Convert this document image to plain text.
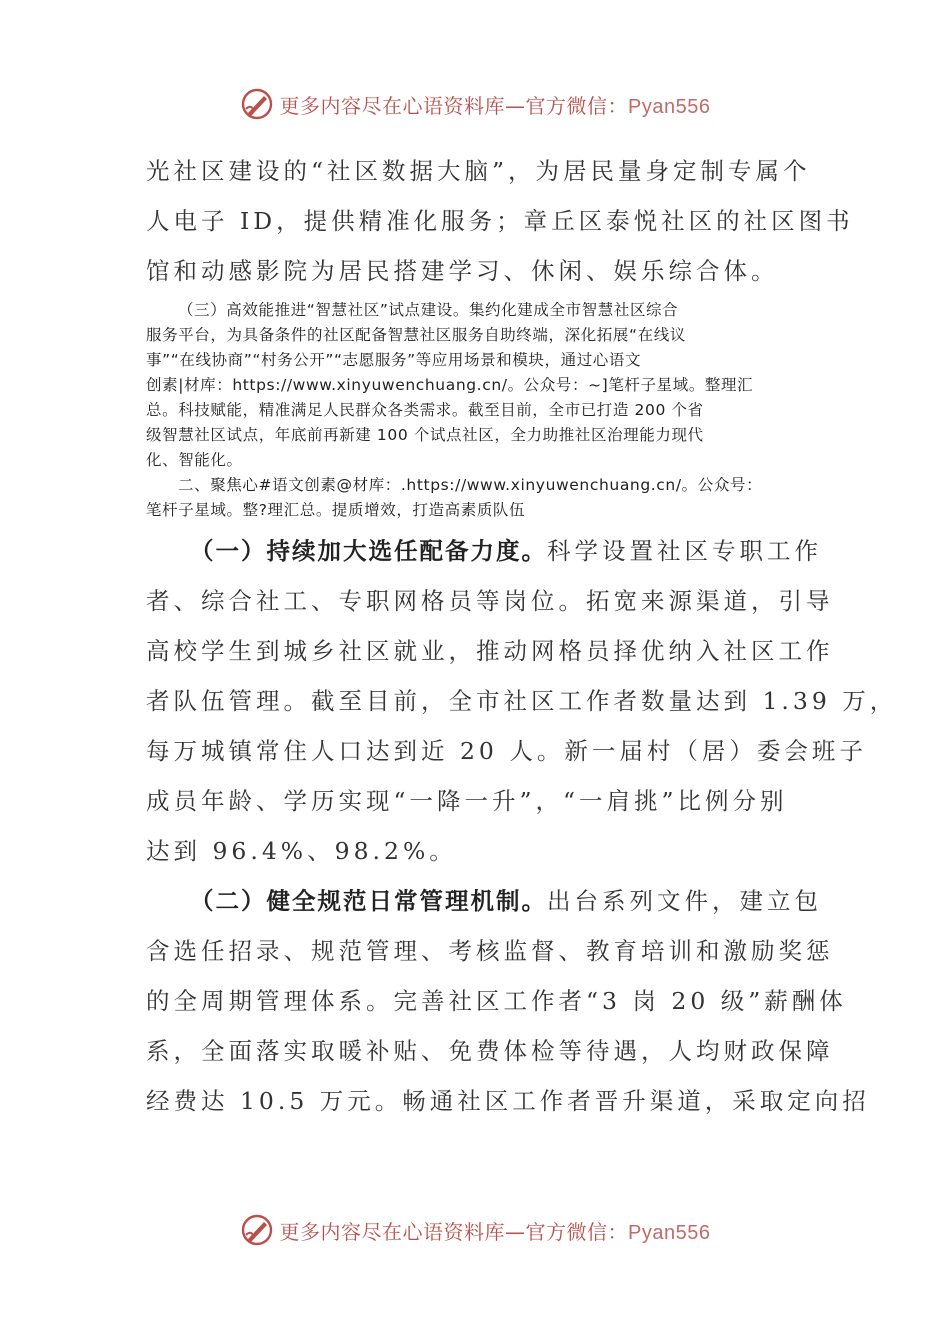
更多内容尽在心语资料库—官方微信：Pyan556

光社区建设的“社区数据大脑”，为居民量身定制专属个

人电子 ID，提供精准化服务；章丘区泰悦社区的社区图书

馆和动感影院为居民搭建学习、休闲、娱乐综合体。

（三）高效能推进“智慧社区”试点建设。集约化建成全市智慧社区综合

服务平台，为具备条件的社区配备智慧社区服务自助终端，深化拓展“在线议

事”“在线协商”“村务公开”“志愿服务”等应用场景和模块，通过心语文

创素|材库：https://www.xinyuwenchuang.cn/。公众号：~]笔杆子星域。整理汇

总。科技赋能，精准满足人民群众各类需求。截至目前，全市已打造 200 个省

级智慧社区试点，年底前再新建 100 个试点社区，全力助推社区治理能力现代

化、智能化。

二、聚焦心#语文创素@材库：.https://www.xinyuwenchuang.cn/。公众号：

笔杆子星域。整?理汇总。提质增效，打造高素质队伍

（一）持续加大选任配备力度。科学设置社区专职工作

者、综合社工、专职网格员等岗位。拓宽来源渠道，引导

高校学生到城乡社区就业，推动网格员择优纳入社区工作

者队伍管理。截至目前，全市社区工作者数量达到 1.39 万，

每万城镇常住人口达到近 20 人。新一届村（居）委会班子

成员年龄、学历实现“一降一升”，“一肩挑”比例分别

达到 96.4%、98.2%。

（二）健全规范日常管理机制。出台系列文件，建立包

含选任招录、规范管理、考核监督、教育培训和激励奖惩

的全周期管理体系。完善社区工作者“3 岗 20 级”薪酬体

系，全面落实取暖补贴、免费体检等待遇，人均财政保障

经费达 10.5 万元。畅通社区工作者晋升渠道，采取定向招

更多内容尽在心语资料库—官方微信：Pyan556
